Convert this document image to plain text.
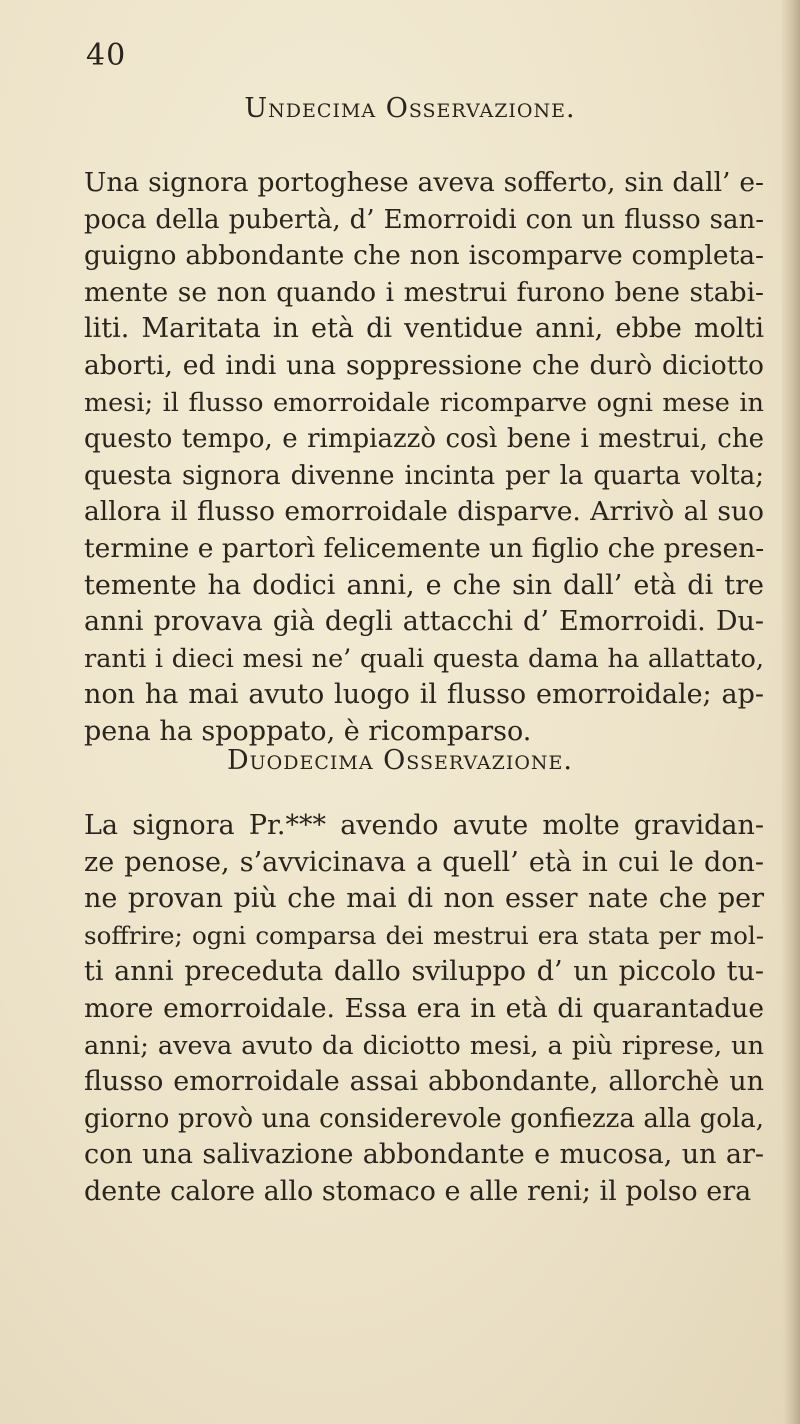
40
Undecima Osservazione.
Una signora portoghese aveva sofferto, sin dall’ e-
poca della pubertà, d’ Emorroidi con un flusso san-
guigno abbondante che non iscomparve completa-
mente se non quando i mestrui furono bene stabi-
liti. Maritata in età di ventidue anni, ebbe molti
aborti, ed indi una soppressione che durò diciotto
mesi; il flusso emorroidale ricomparve ogni mese in
questo tempo, e rimpiazzò così bene i mestrui, che
questa signora divenne incinta per la quarta volta;
allora il flusso emorroidale disparve. Arrivò al suo
termine e partorì felicemente un figlio che presen-
temente ha dodici anni, e che sin dall’ età di tre
anni provava già degli attacchi d’ Emorroidi. Du-
ranti i dieci mesi ne’ quali questa dama ha allattato,
non ha mai avuto luogo il flusso emorroidale; ap-
pena ha spoppato, è ricomparso.
Duodecima Osservazione.
La signora Pr.*** avendo avute molte gravidan-
ze penose, s’avvicinava a quell’ età in cui le don-
ne provan più che mai di non esser nate che per
soffrire; ogni comparsa dei mestrui era stata per mol-
ti anni preceduta dallo sviluppo d’ un piccolo tu-
more emorroidale. Essa era in età di quarantadue
anni; aveva avuto da diciotto mesi, a più riprese, un
flusso emorroidale assai abbondante, allorchè un
giorno provò una considerevole gonfiezza alla gola,
con una salivazione abbondante e mucosa, un ar-
dente calore allo stomaco e alle reni; il polso era
